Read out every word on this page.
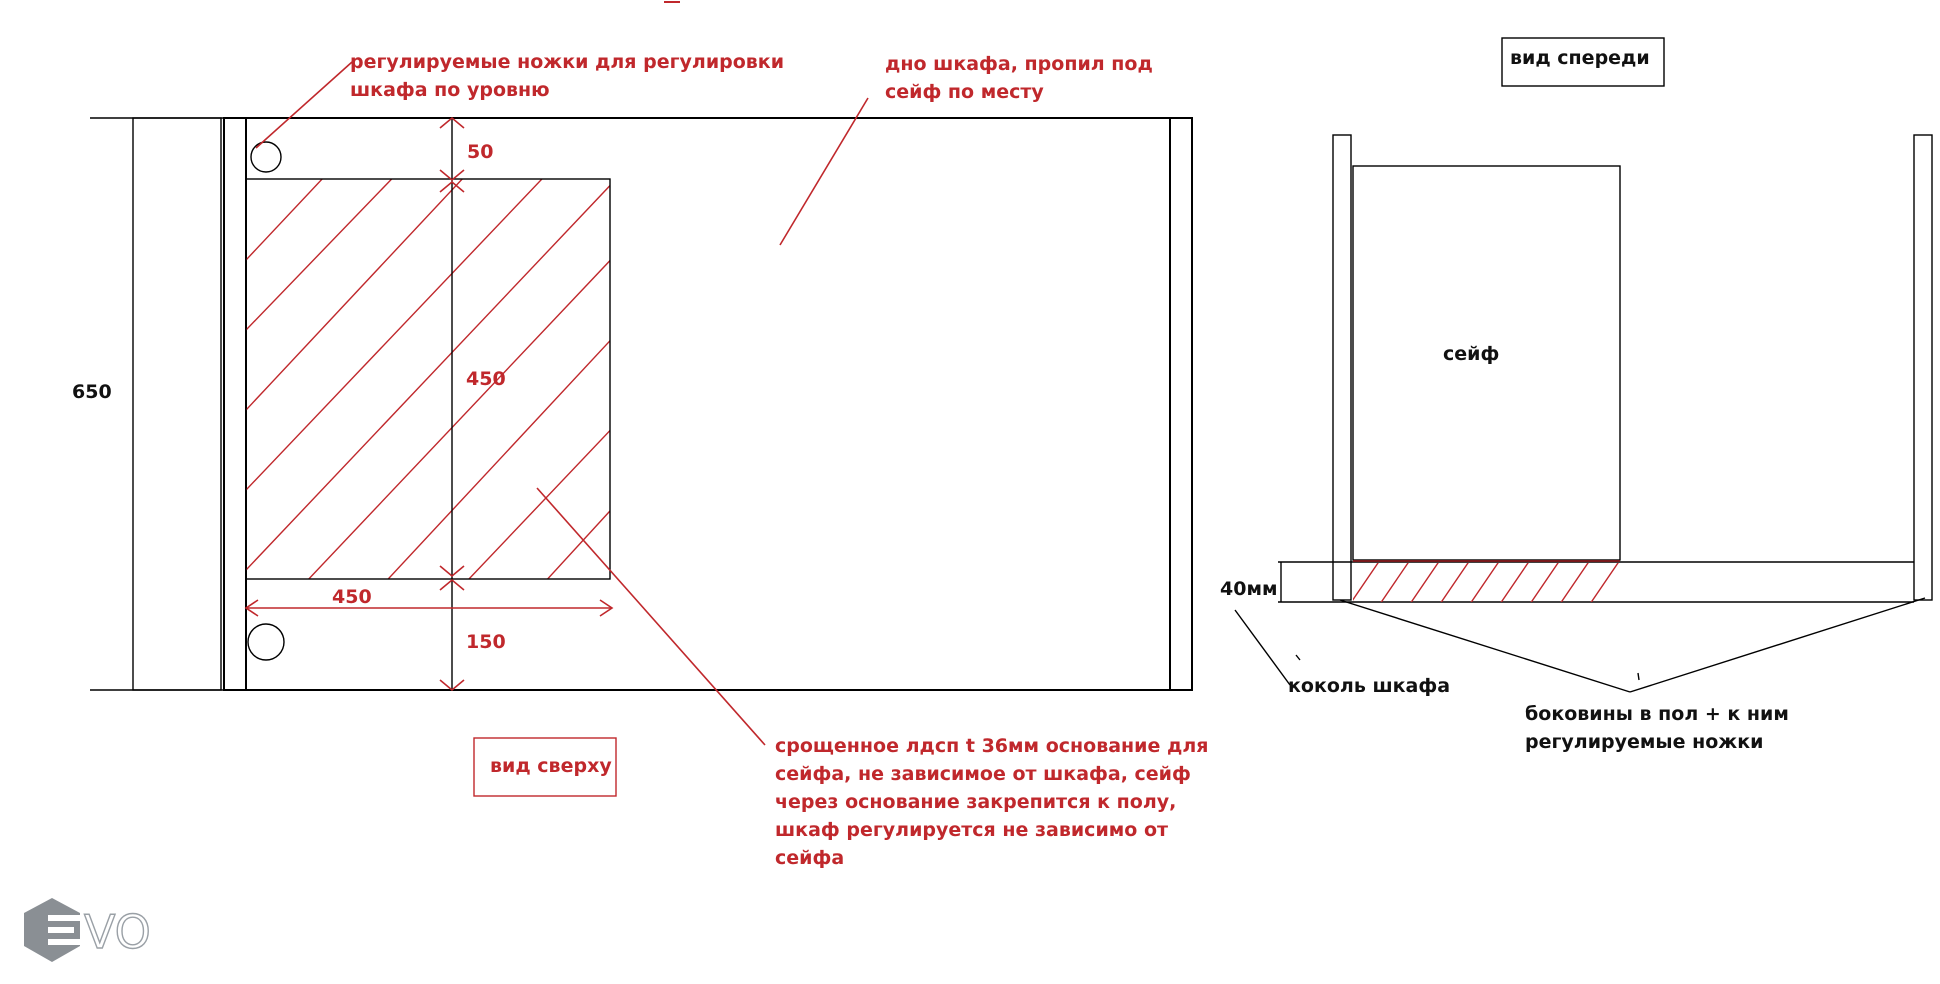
650
50
450
450
150
регулируемые ножки для регулировки
шкафа по уровню
дно шкафа, пропил под
сейф по месту
срощенное лдсп t 36мм основание для
сейфа, не зависимое от шкафа, сейф
через основание закрепится к полу,
шкаф регулируется не зависимо от
сейфа
вид сверху
вид спереди
сейф
40мм
коколь шкафа
боковины в пол + к ним
регулируемые ножки
VO
